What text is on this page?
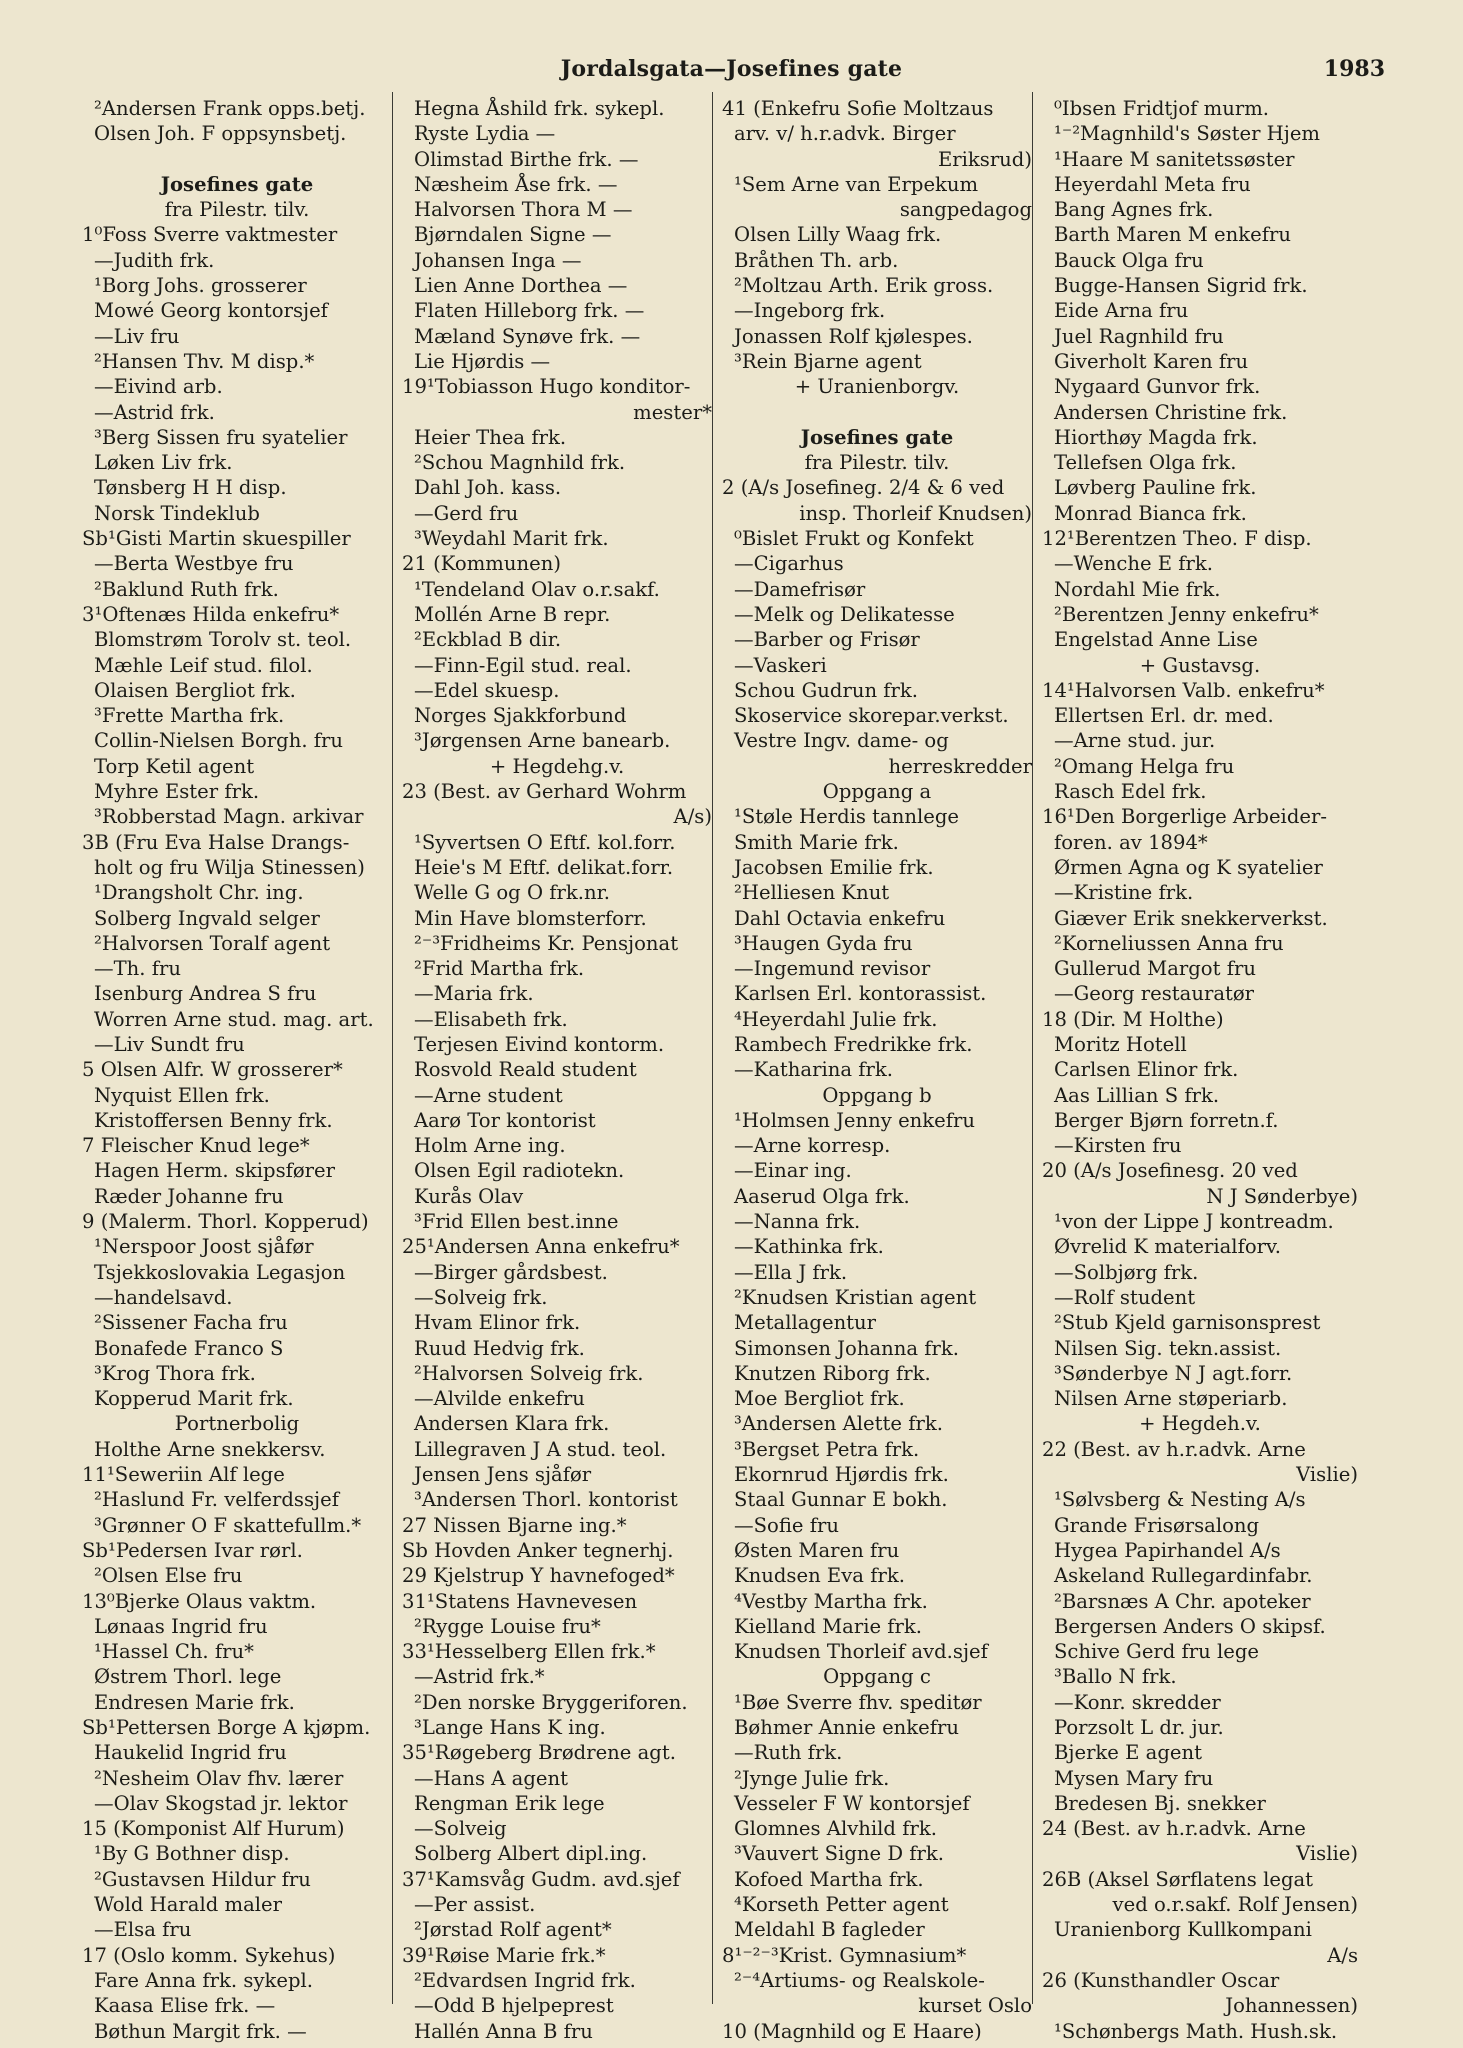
Jordalsgata—Josefines gate	1983
²Andersen Frank opps.betj.
Olsen Joh. F oppsynsbetj.

Josefines gate
fra Pilestr. tilv.
1⁰Foss Sverre vaktmester
—Judith frk.
¹Borg Johs. grosserer
Mowé Georg kontorsjef
—Liv fru
²Hansen Thv. M disp.*
—Eivind arb.
—Astrid frk.
³Berg Sissen fru syatelier
Løken Liv frk.
Tønsberg H H disp.
Norsk Tindeklub
Sb¹Gisti Martin skuespiller
—Berta Westbye fru
²Baklund Ruth frk.
3¹Oftenæs Hilda enkefru*
Blomstrøm Torolv st. teol.
Mæhle Leif stud. filol.
Olaisen Bergliot frk.
³Frette Martha frk.
Collin-Nielsen Borgh. fru
Torp Ketil agent
Myhre Ester frk.
³Robberstad Magn. arkivar
3B (Fru Eva Halse Drangs-
holt og fru Wilja Stinessen)
¹Drangsholt Chr. ing.
Solberg Ingvald selger
²Halvorsen Toralf agent
—Th. fru
Isenburg Andrea S fru
Worren Arne stud. mag. art.
—Liv Sundt fru
5 Olsen Alfr. W grosserer*
Nyquist Ellen frk.
Kristoffersen Benny frk.
7 Fleischer Knud lege*
Hagen Herm. skipsfører
Ræder Johanne fru
9 (Malerm. Thorl. Kopperud)
¹Nerspoor Joost sjåfør
Tsjekkoslovakia Legasjon
—handelsavd.
²Sissener Facha fru
Bonafede Franco S
³Krog Thora frk.
Kopperud Marit frk.
Portnerbolig
Holthe Arne snekkersv.
11¹Seweriin Alf lege
²Haslund Fr. velferdssjef
³Grønner O F skattefullm.*
Sb¹Pedersen Ivar rørl.
²Olsen Else fru
13⁰Bjerke Olaus vaktm.
Lønaas Ingrid fru
¹Hassel Ch. fru*
Østrem Thorl. lege
Endresen Marie frk.
Sb¹Pettersen Borge A kjøpm.
Haukelid Ingrid fru
²Nesheim Olav fhv. lærer
—Olav Skogstad jr. lektor
15 (Komponist Alf Hurum)
¹By G Bothner disp.
²Gustavsen Hildur fru
Wold Harald maler
—Elsa fru
17 (Oslo komm. Sykehus)
Fare Anna frk. sykepl.
Kaasa Elise frk. —
Bøthun Margit frk. —
Hegna Åshild frk. sykepl.
Ryste Lydia —
Olimstad Birthe frk. —
Næsheim Åse frk. —
Halvorsen Thora M —
Bjørndalen Signe —
Johansen Inga —
Lien Anne Dorthea —
Flaten Hilleborg frk. —
Mæland Synøve frk. —
Lie Hjørdis —
19¹Tobiasson Hugo konditor-
mester*
Heier Thea frk.
²Schou Magnhild frk.
Dahl Joh. kass.
—Gerd fru
³Weydahl Marit frk.
21 (Kommunen)
¹Tendeland Olav o.r.sakf.
Mollén Arne B repr.
²Eckblad B dir.
—Finn-Egil stud. real.
—Edel skuesp.
Norges Sjakkforbund
³Jørgensen Arne banearb.
+ Hegdehg.v.
23 (Best. av Gerhard Wohrm
A/s)
¹Syvertsen O Eftf. kol.forr.
Heie's M Eftf. delikat.forr.
Welle G og O frk.nr.
Min Have blomsterforr.
²⁻³Fridheims Kr. Pensjonat
²Frid Martha frk.
—Maria frk.
—Elisabeth frk.
Terjesen Eivind kontorm.
Rosvold Reald student
—Arne student
Aarø Tor kontorist
Holm Arne ing.
Olsen Egil radiotekn.
Kurås Olav
³Frid Ellen best.inne
25¹Andersen Anna enkefru*
—Birger gårdsbest.
—Solveig frk.
Hvam Elinor frk.
Ruud Hedvig frk.
²Halvorsen Solveig frk.
—Alvilde enkefru
Andersen Klara frk.
Lillegraven J A stud. teol.
Jensen Jens sjåfør
³Andersen Thorl. kontorist
27 Nissen Bjarne ing.*
Sb Hovden Anker tegnerhj.
29 Kjelstrup Y havnefoged*
31¹Statens Havnevesen
²Rygge Louise fru*
33¹Hesselberg Ellen frk.*
—Astrid frk.*
²Den norske Bryggeriforen.
³Lange Hans K ing.
35¹Røgeberg Brødrene agt.
—Hans A agent
Rengman Erik lege
—Solveig
Solberg Albert dipl.ing.
37¹Kamsvåg Gudm. avd.sjef
—Per assist.
²Jørstad Rolf agent*
39¹Røise Marie frk.*
²Edvardsen Ingrid frk.
—Odd B hjelpeprest
Hallén Anna B fru
41 (Enkefru Sofie Moltzaus
arv. v/ h.r.advk. Birger
Eriksrud)
¹Sem Arne van Erpekum
sangpedagog
Olsen Lilly Waag frk.
Bråthen Th. arb.
²Moltzau Arth. Erik gross.
—Ingeborg frk.
Jonassen Rolf kjølespes.
³Rein Bjarne agent
+ Uranienborgv.

Josefines gate
fra Pilestr. tilv.
2 (A/s Josefineg. 2/4 & 6 ved
insp. Thorleif Knudsen)
⁰Bislet Frukt og Konfekt
—Cigarhus
—Damefrisør
—Melk og Delikatesse
—Barber og Frisør
—Vaskeri
Schou Gudrun frk.
Skoservice skorepar.verkst.
Vestre Ingv. dame- og
herreskredder
Oppgang a
¹Støle Herdis tannlege
Smith Marie frk.
Jacobsen Emilie frk.
²Helliesen Knut
Dahl Octavia enkefru
³Haugen Gyda fru
—Ingemund revisor
Karlsen Erl. kontorassist.
⁴Heyerdahl Julie frk.
Rambech Fredrikke frk.
—Katharina frk.
Oppgang b
¹Holmsen Jenny enkefru
—Arne korresp.
—Einar ing.
Aaserud Olga frk.
—Nanna frk.
—Kathinka frk.
—Ella J frk.
²Knudsen Kristian agent
Metallagentur
Simonsen Johanna frk.
Knutzen Riborg frk.
Moe Bergliot frk.
³Andersen Alette frk.
³Bergset Petra frk.
Ekornrud Hjørdis frk.
Staal Gunnar E bokh.
—Sofie fru
Østen Maren fru
Knudsen Eva frk.
⁴Vestby Martha frk.
Kielland Marie frk.
Knudsen Thorleif avd.sjef
Oppgang c
¹Bøe Sverre fhv. speditør
Bøhmer Annie enkefru
—Ruth frk.
²Jynge Julie frk.
Vesseler F W kontorsjef
Glomnes Alvhild frk.
³Vauvert Signe D frk.
Kofoed Martha frk.
⁴Korseth Petter agent
Meldahl B fagleder
8¹⁻²⁻³Krist. Gymnasium*
²⁻⁴Artiums- og Realskole-
kurset Oslo
10 (Magnhild og E Haare)
⁰Ibsen Fridtjof murm.
¹⁻²Magnhild's Søster Hjem
¹Haare M sanitetssøster
Heyerdahl Meta fru
Bang Agnes frk.
Barth Maren M enkefru
Bauck Olga fru
Bugge-Hansen Sigrid frk.
Eide Arna fru
Juel Ragnhild fru
Giverholt Karen fru
Nygaard Gunvor frk.
Andersen Christine frk.
Hiorthøy Magda frk.
Tellefsen Olga frk.
Løvberg Pauline frk.
Monrad Bianca frk.
12¹Berentzen Theo. F disp.
—Wenche E frk.
Nordahl Mie frk.
²Berentzen Jenny enkefru*
Engelstad Anne Lise
+ Gustavsg.
14¹Halvorsen Valb. enkefru*
Ellertsen Erl. dr. med.
—Arne stud. jur.
²Omang Helga fru
Rasch Edel frk.
16¹Den Borgerlige Arbeider-
foren. av 1894*
Ørmen Agna og K syatelier
—Kristine frk.
Giæver Erik snekkerverkst.
²Korneliussen Anna fru
Gullerud Margot fru
—Georg restauratør
18 (Dir. M Holthe)
Moritz Hotell
Carlsen Elinor frk.
Aas Lillian S frk.
Berger Bjørn forretn.f.
—Kirsten fru
20 (A/s Josefinesg. 20 ved
N J Sønderbye)
¹von der Lippe J kontreadm.
Øvrelid K materialforv.
—Solbjørg frk.
—Rolf student
²Stub Kjeld garnisonsprest
Nilsen Sig. tekn.assist.
³Sønderbye N J agt.forr.
Nilsen Arne støperiarb.
+ Hegdeh.v.
22 (Best. av h.r.advk. Arne
Vislie)
¹Sølvsberg & Nesting A/s
Grande Frisørsalong
Hygea Papirhandel A/s
Askeland Rullegardinfabr.
²Barsnæs A Chr. apoteker
Bergersen Anders O skipsf.
Schive Gerd fru lege
³Ballo N frk.
—Konr. skredder
Porzsolt L dr. jur.
Bjerke E agent
Mysen Mary fru
Bredesen Bj. snekker
24 (Best. av h.r.advk. Arne
Vislie)
26B (Aksel Sørflatens legat
ved o.r.sakf. Rolf Jensen)
Uranienborg Kullkompani
A/s
26 (Kunsthandler Oscar
Johannessen)
¹Schønbergs Math. Hush.sk.
